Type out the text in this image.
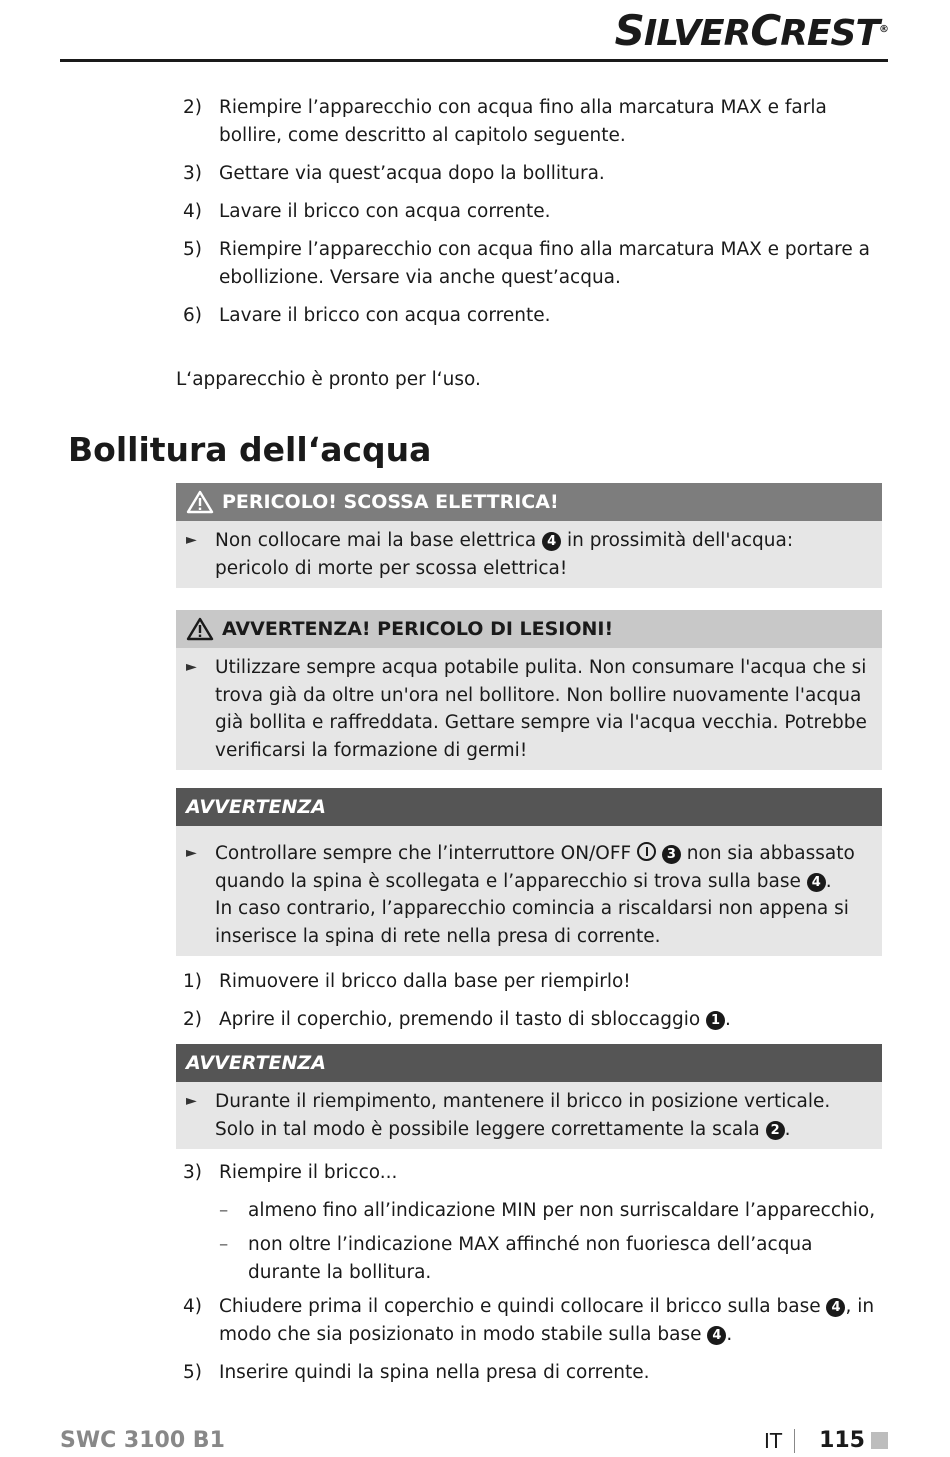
SILVERCREST®
2) Riempire l’apparecchio con acqua fino alla marcatura MAX e farla bollire, come descritto al capitolo seguente.
3) Gettare via quest’acqua dopo la bollitura.
4) Lavare il bricco con acqua corrente.
5) Riempire l’apparecchio con acqua fino alla marcatura MAX e portare a ebollizione. Versare via anche quest’acqua.
6) Lavare il bricco con acqua corrente.

L‘apparecchio è pronto per l‘uso.

Bollitura dell‘acqua
PERICOLO! SCOSSA ELETTRICA!
► Non collocare mai la base elettrica 4 in prossimità dell'acqua: pericolo di morte per scossa elettrica!
AVVERTENZA! PERICOLO DI LESIONI!
► Utilizzare sempre acqua potabile pulita. Non consumare l'acqua che si trova già da oltre un'ora nel bollitore. Non bollire nuovamente l'acqua già bollita e raffreddata. Gettare sempre via l'acqua vecchia. Potrebbe verificarsi la formazione di germi!
AVVERTENZA
► Controllare sempre che l’interruttore ON/OFF  3 non sia abbassato quando la spina è scollegata e l’apparecchio si trova sulla base 4 .
In caso contrario, l’apparecchio comincia a riscaldarsi non appena si inserisce la spina di rete nella presa di corrente.
1) Rimuovere il bricco dalla base per riempirlo!
2) Aprire il coperchio, premendo il tasto di sbloccaggio 1 .
AVVERTENZA
► Durante il riempimento, mantenere il bricco in posizione verticale. Solo in tal modo è possibile leggere correttamente la scala 2 .
3) Riempire il bricco...
–	almeno fino all’indicazione MIN per non surriscaldare l’apparecchio,
–	non oltre l’indicazione MAX affinché non fuoriesca dell’acqua durante la bollitura.
4) Chiudere prima il coperchio e quindi collocare il bricco sulla base 4 , in modo che sia posizionato in modo stabile sulla base 4 .
5) Inserire quindi la spina nella presa di corrente.
SWC 3100 B1	IT 115
